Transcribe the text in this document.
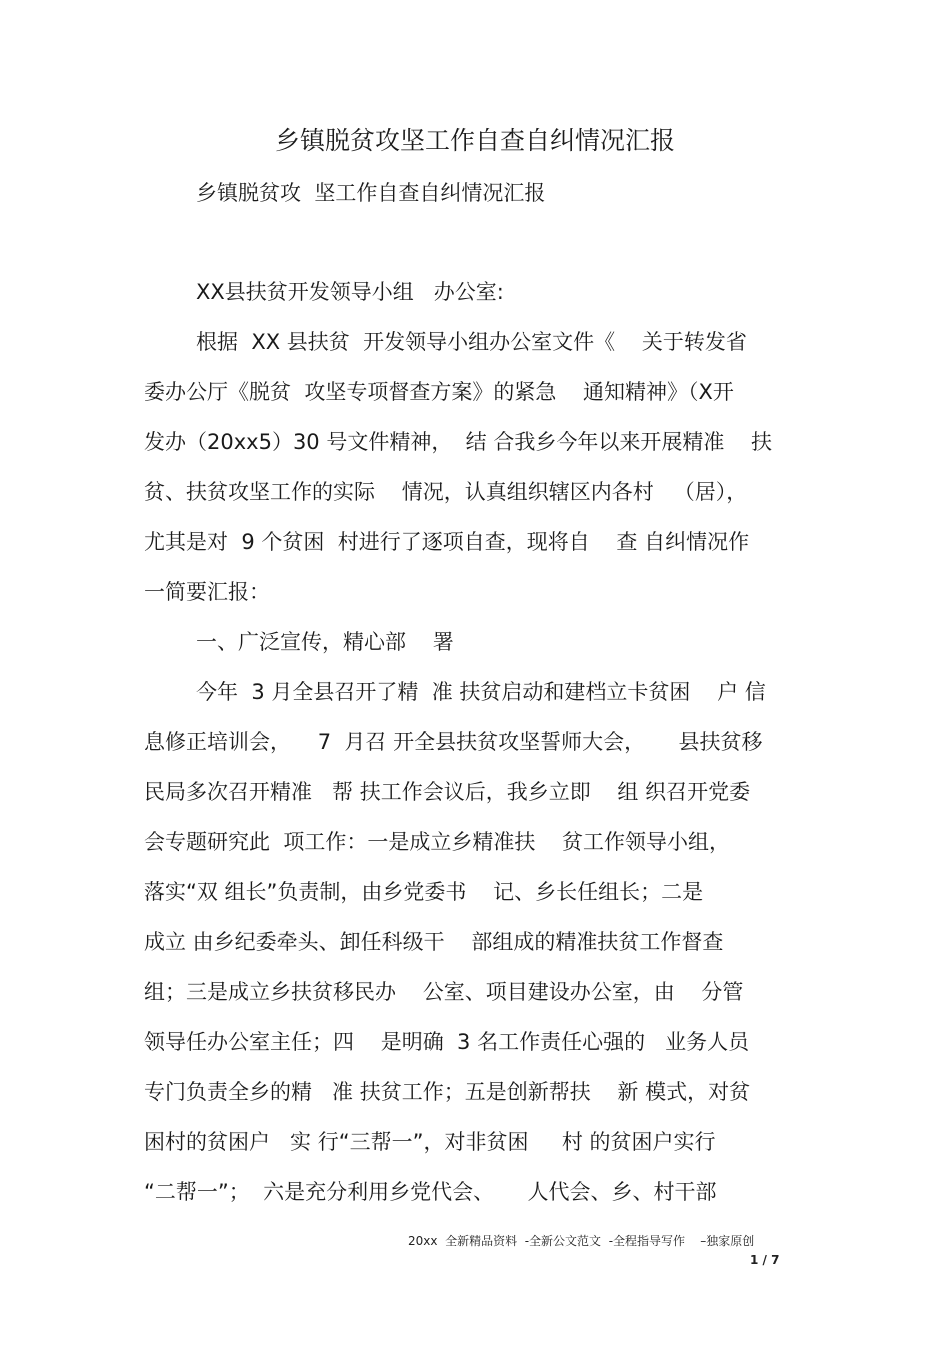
乡镇脱贫攻坚工作自查自纠情况汇报

乡镇脱贫攻  坚工作自查自纠情况汇报

XX县扶贫开发领导小组   办公室:

根据  XX 县扶贫  开发领导小组办公室文件《    关于转发省

委办公厅《脱贫  攻坚专项督查方案》的紧急    通知精神》（X开

发办（20xx5）30 号文件精神，  结 合我乡今年以来开展精准    扶

贫、扶贫攻坚工作的实际    情况，认真组织辖区内各村   （居），

尤其是对  9 个贫困  村进行了逐项自查，现将自    查 自纠情况作

一简要汇报：

一、广泛宣传，精心部    署

今年  3 月全县召开了精  准 扶贫启动和建档立卡贫困    户 信

息修正培训会，    7  月召 开全县扶贫攻坚誓师大会，     县扶贫移

民局多次召开精准   帮 扶工作会议后，我乡立即    组 织召开党委

会专题研究此  项工作：一是成立乡精准扶    贫工作领导小组，

落实“双 组长”负责制，由乡党委书    记、乡长任组长；二是

成立 由乡纪委牵头、卸任科级干    部组成的精准扶贫工作督查

组；三是成立乡扶贫移民办    公室、项目建设办公室，由    分管

领导任办公室主任；四    是明确  3 名工作责任心强的   业务人员

专门负责全乡的精   准 扶贫工作；五是创新帮扶    新 模式，对贫

困村的贫困户   实 行“三帮一”，对非贫困     村 的贫困户实行

“二帮一”；  六是充分利用乡党代会、     人代会、乡、村干部

20xx  全新精品资料  -全新公文范文  -全程指导写作    –独家原创
1 / 7
